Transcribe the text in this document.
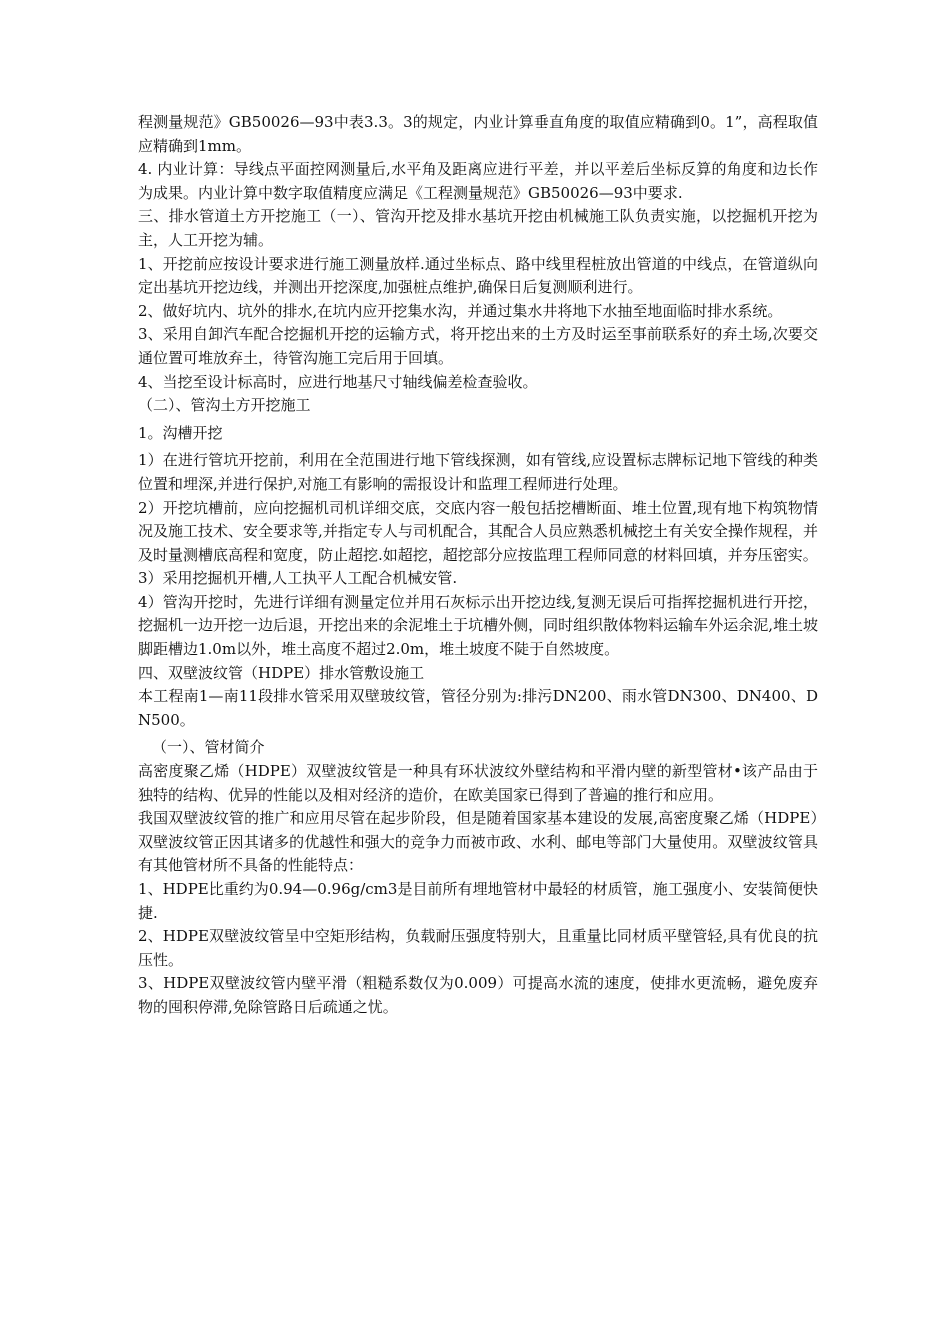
程测量规范》GB50026—93中表3.3。3的规定，内业计算垂直角度的取值应精确到0。1”，高程取值应精确到1mm。

4. 内业计算：导线点平面控网测量后,水平角及距离应进行平差，并以平差后坐标反算的角度和边长作为成果。内业计算中数字取值精度应满足《工程测量规范》GB50026—93中要求.

三、排水管道土方开挖施工（一）、管沟开挖及排水基坑开挖由机械施工队负责实施，以挖掘机开挖为主，人工开挖为辅。

1、开挖前应按设计要求进行施工测量放样.通过坐标点、路中线里程桩放出管道的中线点，在管道纵向定出基坑开挖边线，并测出开挖深度,加强桩点维护,确保日后复测顺利进行。

2、做好坑内、坑外的排水,在坑内应开挖集水沟，并通过集水井将地下水抽至地面临时排水系统。

3、采用自卸汽车配合挖掘机开挖的运输方式，将开挖出来的土方及时运至事前联系好的弃土场,次要交通位置可堆放弃土，待管沟施工完后用于回填。

4、当挖至设计标高时，应进行地基尺寸轴线偏差检查验收。

（二）、管沟土方开挖施工

1。沟槽开挖

1）在进行管坑开挖前，利用在全范围进行地下管线探测，如有管线,应设置标志牌标记地下管线的种类位置和埋深,并进行保护,对施工有影响的需报设计和监理工程师进行处理。

2）开挖坑槽前，应向挖掘机司机详细交底，交底内容一般包括挖槽断面、堆土位置,现有地下构筑物情况及施工技术、安全要求等,并指定专人与司机配合，其配合人员应熟悉机械挖土有关安全操作规程，并及时量测槽底高程和宽度，防止超挖.如超挖，超挖部分应按监理工程师同意的材料回填，并夯压密实。

3）采用挖掘机开槽,人工执平人工配合机械安管.

4）管沟开挖时，先进行详细有测量定位并用石灰标示出开挖边线,复测无误后可指挥挖掘机进行开挖，挖掘机一边开挖一边后退，开挖出来的余泥堆土于坑槽外侧，同时组织散体物料运输车外运余泥,堆土坡脚距槽边1.0m以外，堆土高度不超过2.0m，堆土坡度不陡于自然坡度。

四、双壁波纹管（HDPE）排水管敷设施工

本工程南1—南11段排水管采用双壁玻纹管，管径分别为:排污DN200、雨水管DN300、DN400、DN500。

（一）、管材简介

高密度聚乙烯（HDPE）双壁波纹管是一种具有环状波纹外壁结构和平滑内壁的新型管材•该产品由于独特的结构、优异的性能以及相对经济的造价，在欧美国家已得到了普遍的推行和应用。

我国双壁波纹管的推广和应用尽管在起步阶段，但是随着国家基本建设的发展,高密度聚乙烯（HDPE）双壁波纹管正因其诸多的优越性和强大的竞争力而被市政、水利、邮电等部门大量使用。双壁波纹管具有其他管材所不具备的性能特点：

1、HDPE比重约为0.94—0.96g/cm3是目前所有埋地管材中最轻的材质管，施工强度小、安装简便快捷.

2、HDPE双壁波纹管呈中空矩形结构，负载耐压强度特别大，且重量比同材质平壁管轻,具有优良的抗压性。

3、HDPE双壁波纹管内壁平滑（粗糙系数仅为0.009）可提高水流的速度，使排水更流畅，避免废弃物的囤积停滞,免除管路日后疏通之忧。
